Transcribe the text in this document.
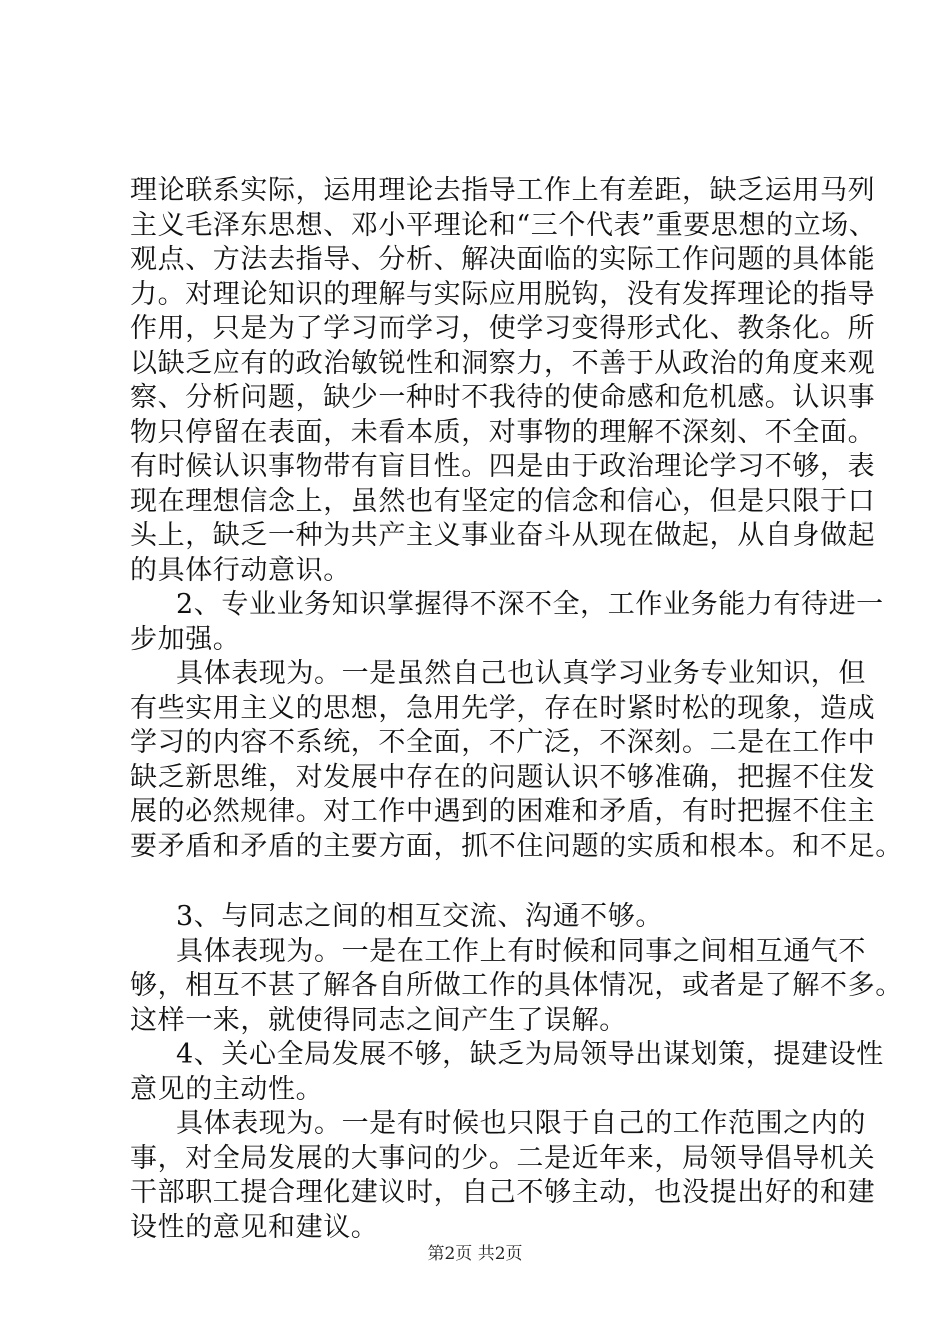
理论联系实际，运用理论去指导工作上有差距，缺乏运用马列
主义毛泽东思想、邓小平理论和“三个代表”重要思想的立场、
观点、方法去指导、分析、解决面临的实际工作问题的具体能
力。对理论知识的理解与实际应用脱钩，没有发挥理论的指导
作用，只是为了学习而学习，使学习变得形式化、教条化。所
以缺乏应有的政治敏锐性和洞察力，不善于从政治的角度来观
察、分析问题，缺少一种时不我待的使命感和危机感。认识事
物只停留在表面，未看本质，对事物的理解不深刻、不全面。
有时候认识事物带有盲目性。四是由于政治理论学习不够，表
现在理想信念上，虽然也有坚定的信念和信心，但是只限于口
头上，缺乏一种为共产主义事业奋斗从现在做起，从自身做起
的具体行动意识。
2、专业业务知识掌握得不深不全，工作业务能力有待进一
步加强。
具体表现为。一是虽然自己也认真学习业务专业知识，但
有些实用主义的思想，急用先学，存在时紧时松的现象，造成
学习的内容不系统，不全面，不广泛，不深刻。二是在工作中
缺乏新思维，对发展中存在的问题认识不够准确，把握不住发
展的必然规律。对工作中遇到的困难和矛盾，有时把握不住主
要矛盾和矛盾的主要方面，抓不住问题的实质和根本。和不足。
3、与同志之间的相互交流、沟通不够。
具体表现为。一是在工作上有时候和同事之间相互通气不
够，相互不甚了解各自所做工作的具体情况，或者是了解不多。
这样一来，就使得同志之间产生了误解。
4、关心全局发展不够，缺乏为局领导出谋划策，提建设性
意见的主动性。
具体表现为。一是有时候也只限于自己的工作范围之内的
事，对全局发展的大事问的少。二是近年来，局领导倡导机关
干部职工提合理化建议时，自己不够主动，也没提出好的和建
设性的意见和建议。
第2页 共2页
